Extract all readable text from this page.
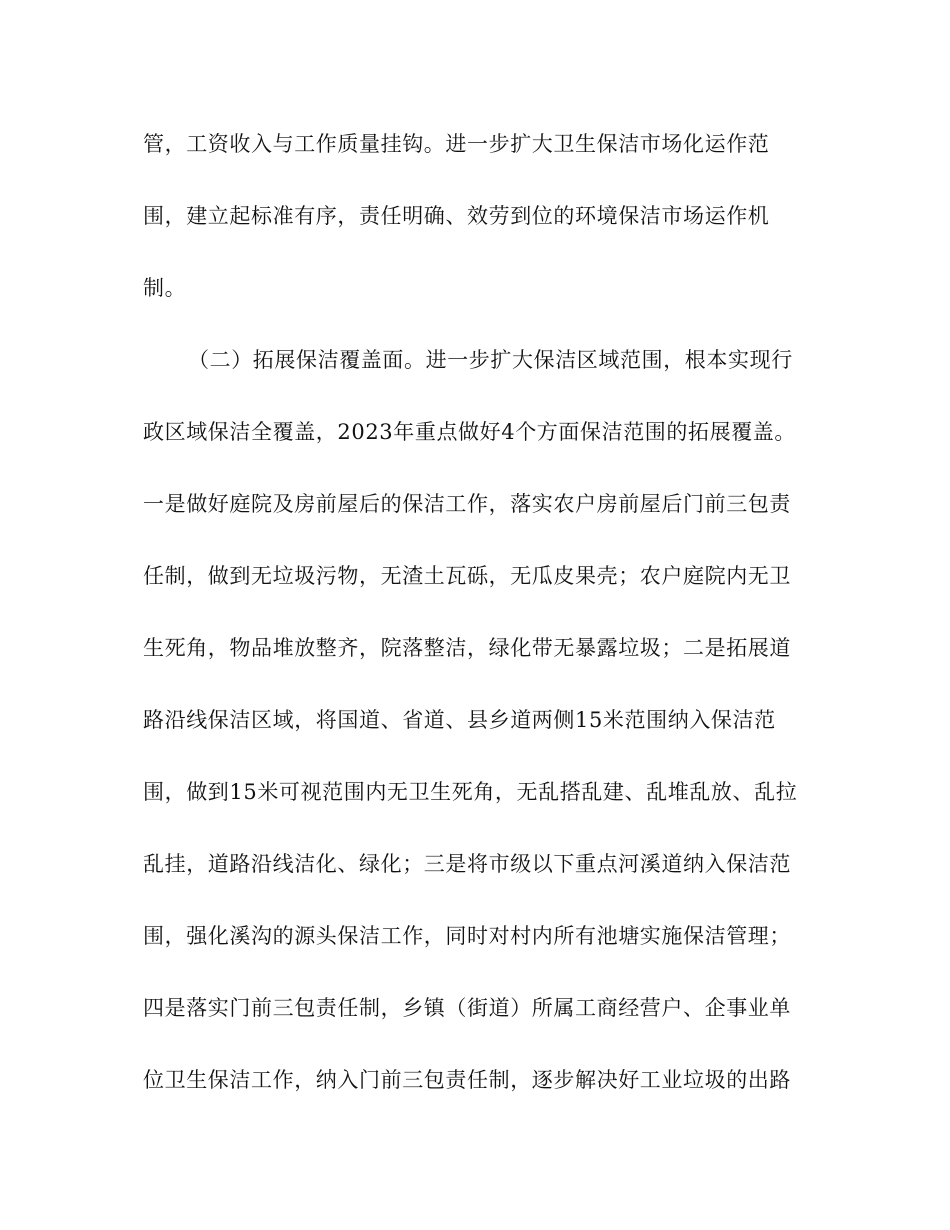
管，工资收入与工作质量挂钩。进一步扩大卫生保洁市场化运作范
围，建立起标准有序，责任明确、效劳到位的环境保洁市场运作机
制。
（二）拓展保洁覆盖面。进一步扩大保洁区域范围，根本实现行
政区域保洁全覆盖，2023年重点做好4个方面保洁范围的拓展覆盖。
一是做好庭院及房前屋后的保洁工作，落实农户房前屋后门前三包责
任制，做到无垃圾污物，无渣土瓦砾，无瓜皮果壳；农户庭院内无卫
生死角，物品堆放整齐，院落整洁，绿化带无暴露垃圾；二是拓展道
路沿线保洁区域，将国道、省道、县乡道两侧15米范围纳入保洁范
围，做到15米可视范围内无卫生死角，无乱搭乱建、乱堆乱放、乱拉
乱挂，道路沿线洁化、绿化；三是将市级以下重点河溪道纳入保洁范
围，强化溪沟的源头保洁工作，同时对村内所有池塘实施保洁管理；
四是落实门前三包责任制，乡镇（街道）所属工商经营户、企事业单
位卫生保洁工作，纳入门前三包责任制，逐步解决好工业垃圾的出路
